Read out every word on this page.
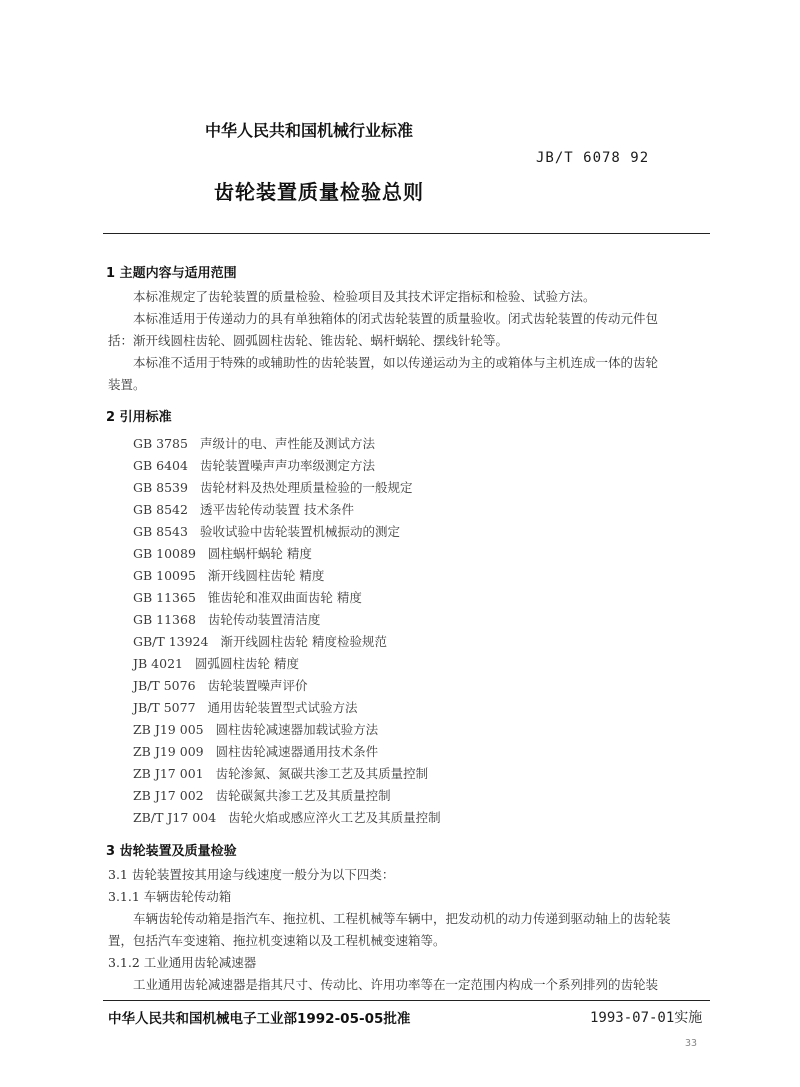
中华人民共和国机械行业标准
JB/T 6078 92
齿轮装置质量检验总则
1 主题内容与适用范围
本标准规定了齿轮装置的质量检验、检验项目及其技术评定指标和检验、试验方法。
本标准适用于传递动力的具有单独箱体的闭式齿轮装置的质量验收。闭式齿轮装置的传动元件包
括：渐开线圆柱齿轮、圆弧圆柱齿轮、锥齿轮、蜗杆蜗轮、摆线针轮等。
本标准不适用于特殊的或辅助性的齿轮装置，如以传递运动为主的或箱体与主机连成一体的齿轮
装置。
2 引用标准
GB 3785 声级计的电、声性能及测试方法
GB 6404 齿轮装置噪声声功率级测定方法
GB 8539 齿轮材料及热处理质量检验的一般规定
GB 8542 透平齿轮传动装置 技术条件
GB 8543 验收试验中齿轮装置机械振动的测定
GB 10089 圆柱蜗杆蜗轮 精度
GB 10095 渐开线圆柱齿轮 精度
GB 11365 锥齿轮和准双曲面齿轮 精度
GB 11368 齿轮传动装置清洁度
GB/T 13924 渐开线圆柱齿轮 精度检验规范
JB 4021 圆弧圆柱齿轮 精度
JB/T 5076 齿轮装置噪声评价
JB/T 5077 通用齿轮装置型式试验方法
ZB J19 005 圆柱齿轮减速器加载试验方法
ZB J19 009 圆柱齿轮减速器通用技术条件
ZB J17 001 齿轮渗氮、氮碳共渗工艺及其质量控制
ZB J17 002 齿轮碳氮共渗工艺及其质量控制
ZB/T J17 004 齿轮火焰或感应淬火工艺及其质量控制
3 齿轮装置及质量检验
3.1 齿轮装置按其用途与线速度一般分为以下四类：
3.1.1 车辆齿轮传动箱
车辆齿轮传动箱是指汽车、拖拉机、工程机械等车辆中，把发动机的动力传递到驱动轴上的齿轮装
置，包括汽车变速箱、拖拉机变速箱以及工程机械变速箱等。
3.1.2 工业通用齿轮减速器
工业通用齿轮减速器是指其尺寸、传动比、许用功率等在一定范围内构成一个系列排列的齿轮装
中华人民共和国机械电子工业部1992-05-05批准	1993-07-01实施
33
